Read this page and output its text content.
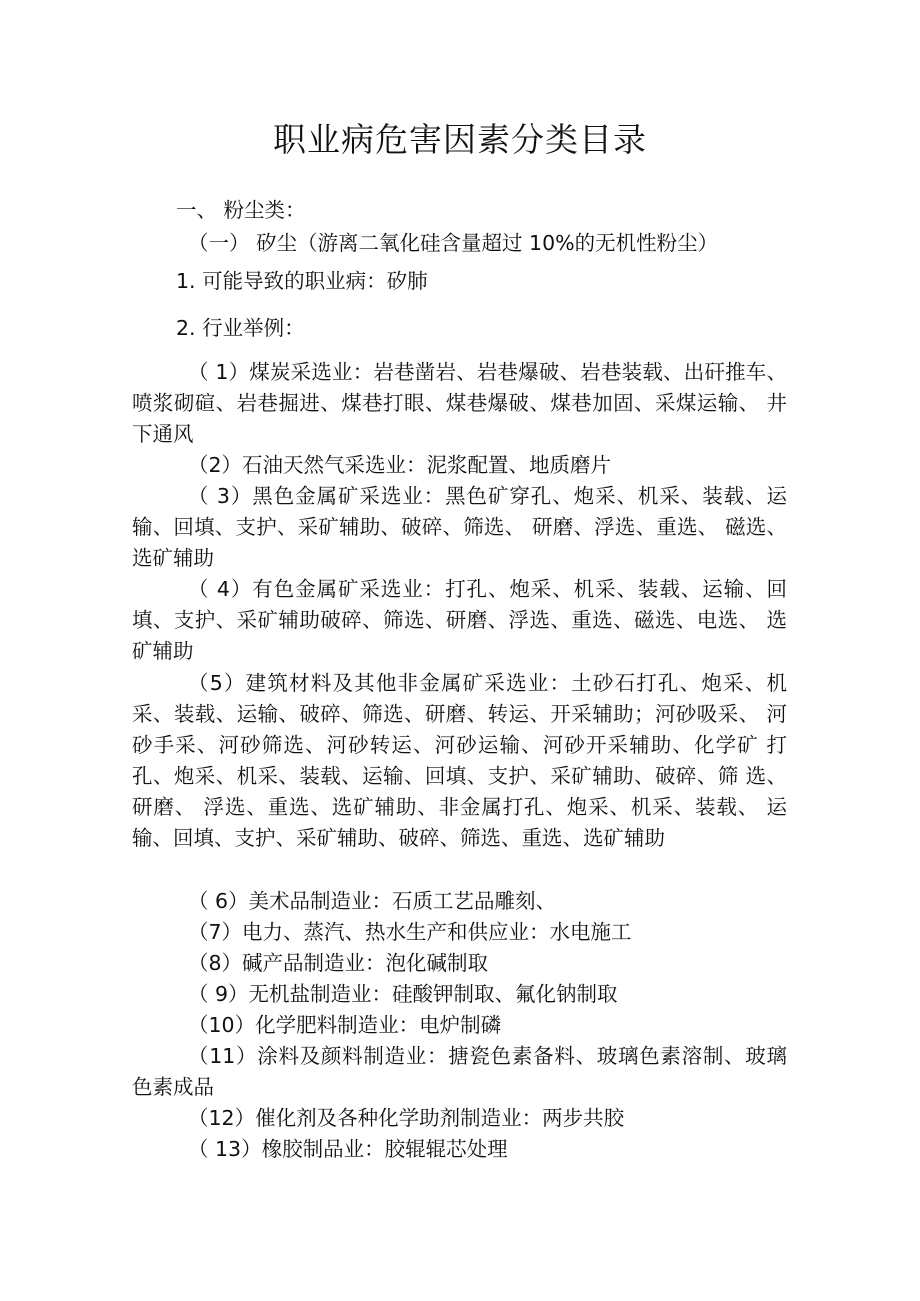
职业病危害因素分类目录
一、 粉尘类：
（一） 矽尘（游离二氧化硅含量超过 10%的无机性粉尘）
1. 可能导致的职业病：矽肺
2. 行业举例：
（ 1）煤炭采选业：岩巷凿岩、岩巷爆破、岩巷装载、出矸推车、 喷浆砌碹、岩巷掘进、煤巷打眼、煤巷爆破、煤巷加固、采煤运输、 井下通风
（2）石油天然气采选业：泥浆配置、地质磨片
（ 3）黑色金属矿采选业：黑色矿穿孔、炮采、机采、装载、运 输、回填、支护、采矿辅助、破碎、筛选、 研磨、浮选、重选、 磁选、 选矿辅助
（ 4）有色金属矿采选业：打孔、炮采、机采、装载、运输、回 填、支护、采矿辅助破碎、筛选、研磨、浮选、重选、磁选、电选、 选矿辅助
（5）建筑材料及其他非金属矿采选业：土砂石打孔、炮采、机采、装载、运输、破碎、筛选、研磨、转运、开采辅助；河砂吸采、 河砂手采、河砂筛选、河砂转运、河砂运输、河砂开采辅助、化学矿 打孔、炮采、机采、装载、运输、回填、支护、采矿辅助、破碎、筛 选、研磨、 浮选、重选、选矿辅助、非金属打孔、炮采、机采、装载、 运输、回填、支护、采矿辅助、破碎、筛选、重选、选矿辅助
（ 6）美术品制造业：石质工艺品雕刻、
（7）电力、蒸汽、热水生产和供应业：水电施工
（8）碱产品制造业：泡化碱制取
（ 9）无机盐制造业：硅酸钾制取、氟化钠制取
（10）化学肥料制造业：电炉制磷
（11）涂料及颜料制造业：搪瓷色素备料、玻璃色素溶制、玻璃 色素成品
（12）催化剂及各种化学助剂制造业：两步共胶
（ 13）橡胶制品业：胶辊辊芯处理
